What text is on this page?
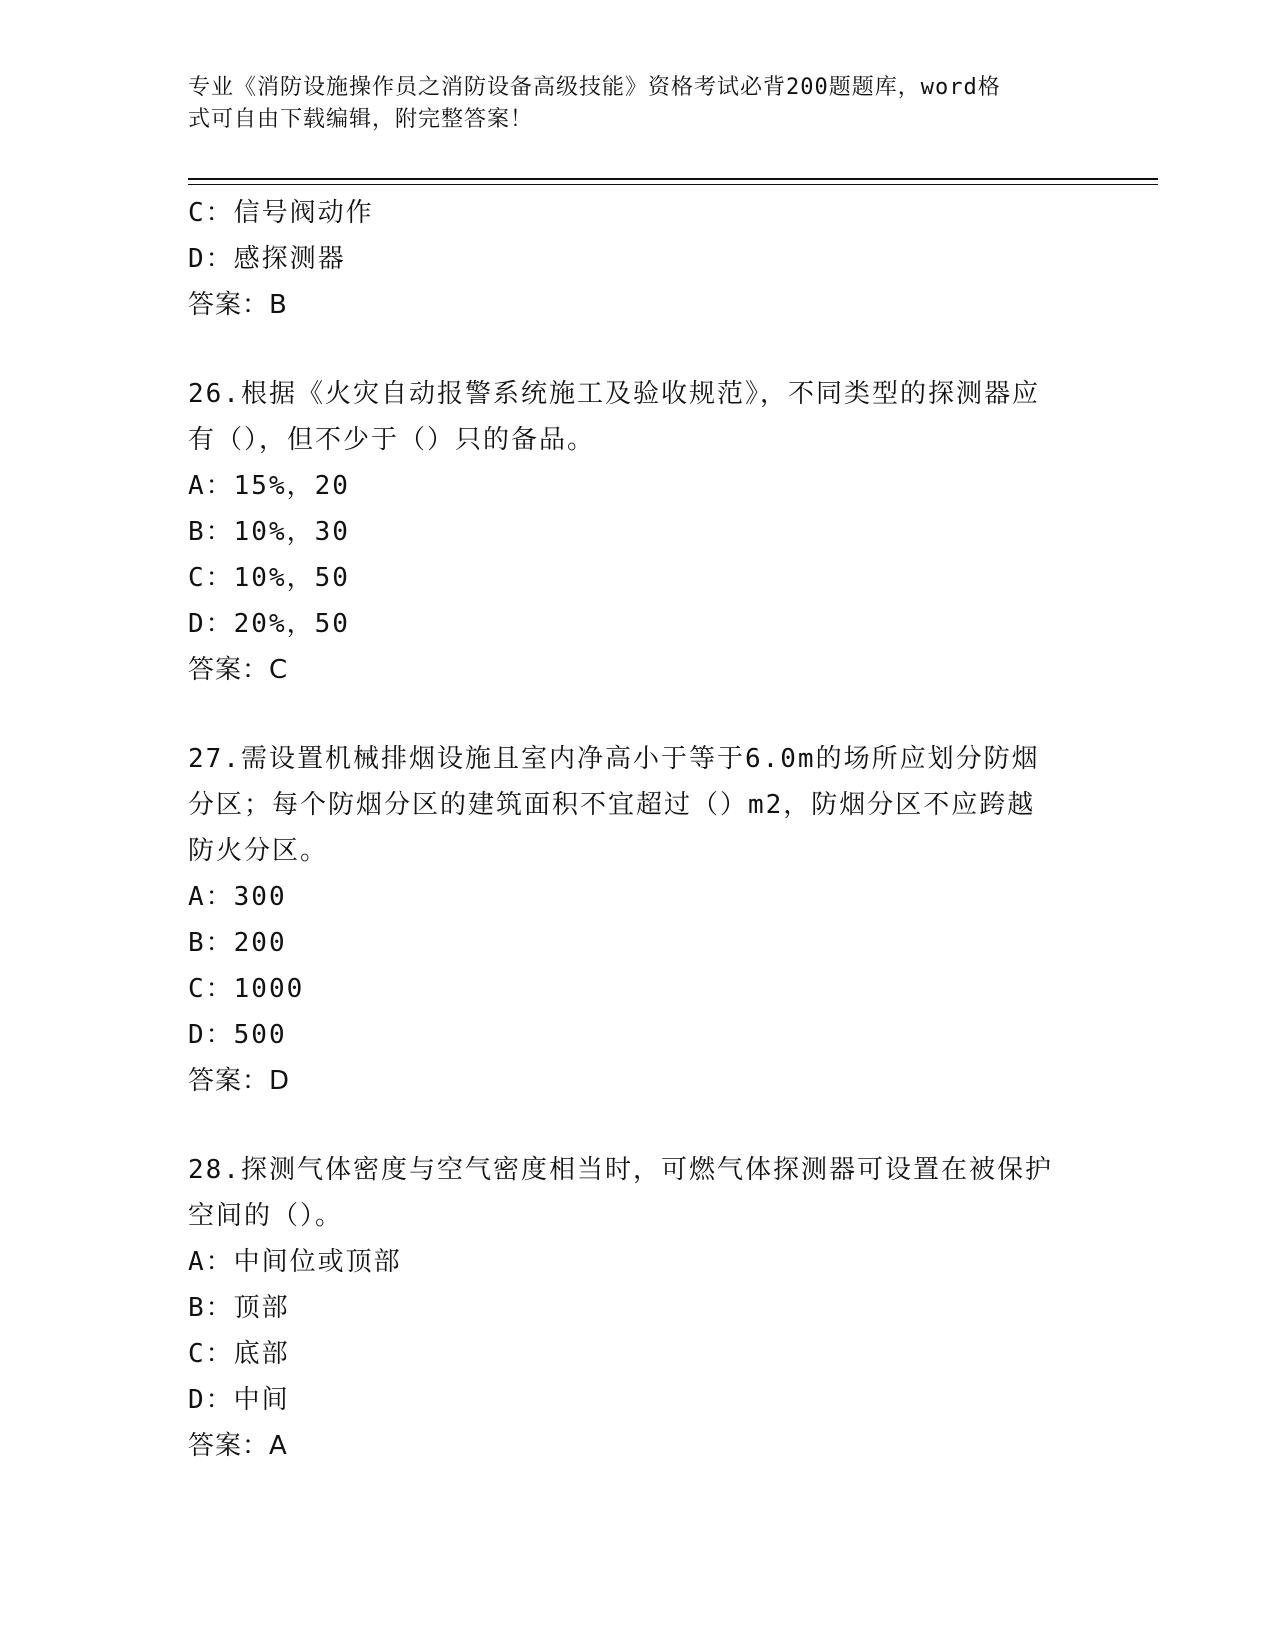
专业《消防设施操作员之消防设备高级技能》资格考试必背200题题库，word格
式可自由下载编辑，附完整答案！
C：信号阀动作
D：感探测器
答案：B
26.根据《火灾自动报警系统施工及验收规范》，不同类型的探测器应
有（），但不少于（）只的备品。
A：15%，20
B：10%，30
C：10%，50
D：20%，50
答案：C
27.需设置机械排烟设施且室内净高小于等于6.0m的场所应划分防烟
分区；每个防烟分区的建筑面积不宜超过（）m2，防烟分区不应跨越
防火分区。
A：300
B：200
C：1000
D：500
答案：D
28.探测气体密度与空气密度相当时，可燃气体探测器可设置在被保护
空间的（）。
A：中间位或顶部
B：顶部
C：底部
D：中间
答案：A
